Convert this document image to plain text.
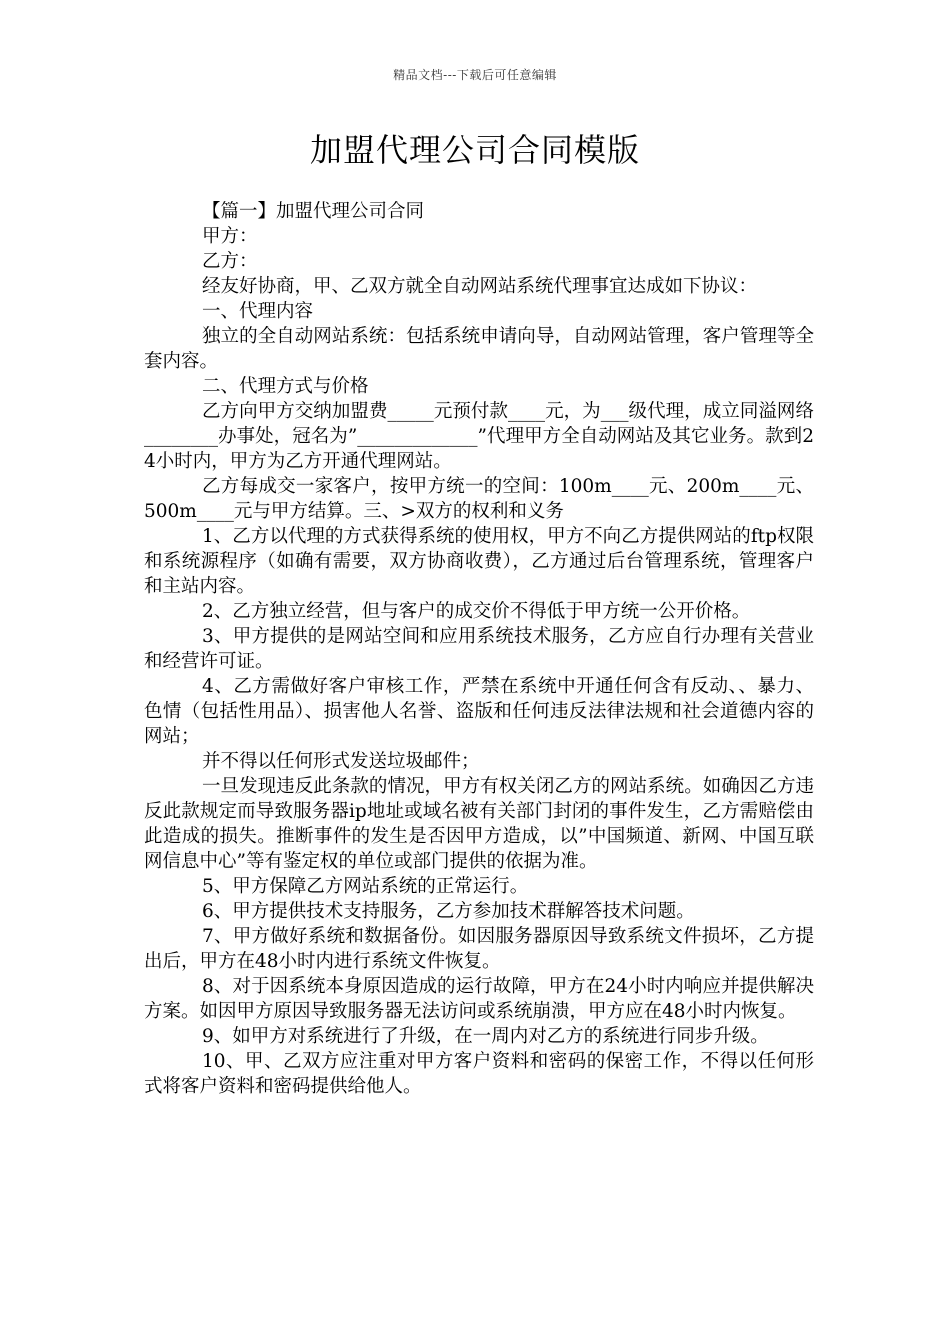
精品文档---下载后可任意编辑
加盟代理公司合同模版

【篇一】加盟代理公司合同

甲方：

乙方：

经友好协商，甲、乙双方就全自动网站系统代理事宜达成如下协议：

一、代理内容

独立的全自动网站系统：包括系统申请向导，自动网站管理，客户管理等全套内容。

二、代理方式与价格

乙方向甲方交纳加盟费_____元预付款____元，为___级代理，成立同溢网络________办事处，冠名为”_____________”代理甲方全自动网站及其它业务。款到24小时内，甲方为乙方开通代理网站。

乙方每成交一家客户，按甲方统一的空间：100m____元、200m____元、500m____元与甲方结算。三、>双方的权利和义务

1、乙方以代理的方式获得系统的使用权，甲方不向乙方提供网站的ftp权限和系统源程序（如确有需要，双方协商收费），乙方通过后台管理系统，管理客户和主站内容。

2、乙方独立经营，但与客户的成交价不得低于甲方统一公开价格。

3、甲方提供的是网站空间和应用系统技术服务，乙方应自行办理有关营业和经营许可证。

4、乙方需做好客户审核工作，严禁在系统中开通任何含有反动、、暴力、色情（包括性用品）、损害他人名誉、盗版和任何违反法律法规和社会道德内容的网站；

并不得以任何形式发送垃圾邮件；

一旦发现违反此条款的情况，甲方有权关闭乙方的网站系统。如确因乙方违反此款规定而导致服务器ip地址或域名被有关部门封闭的事件发生，乙方需赔偿由此造成的损失。推断事件的发生是否因甲方造成，以”中国频道、新网、中国互联网信息中心”等有鉴定权的单位或部门提供的依据为准。

5、甲方保障乙方网站系统的正常运行。

6、甲方提供技术支持服务，乙方参加技术群解答技术问题。

7、甲方做好系统和数据备份。如因服务器原因导致系统文件损坏，乙方提出后，甲方在48小时内进行系统文件恢复。

8、对于因系统本身原因造成的运行故障，甲方在24小时内响应并提供解决方案。如因甲方原因导致服务器无法访问或系统崩溃，甲方应在48小时内恢复。

9、如甲方对系统进行了升级，在一周内对乙方的系统进行同步升级。

10、甲、乙双方应注重对甲方客户资料和密码的保密工作，不得以任何形式将客户资料和密码提供给他人。
